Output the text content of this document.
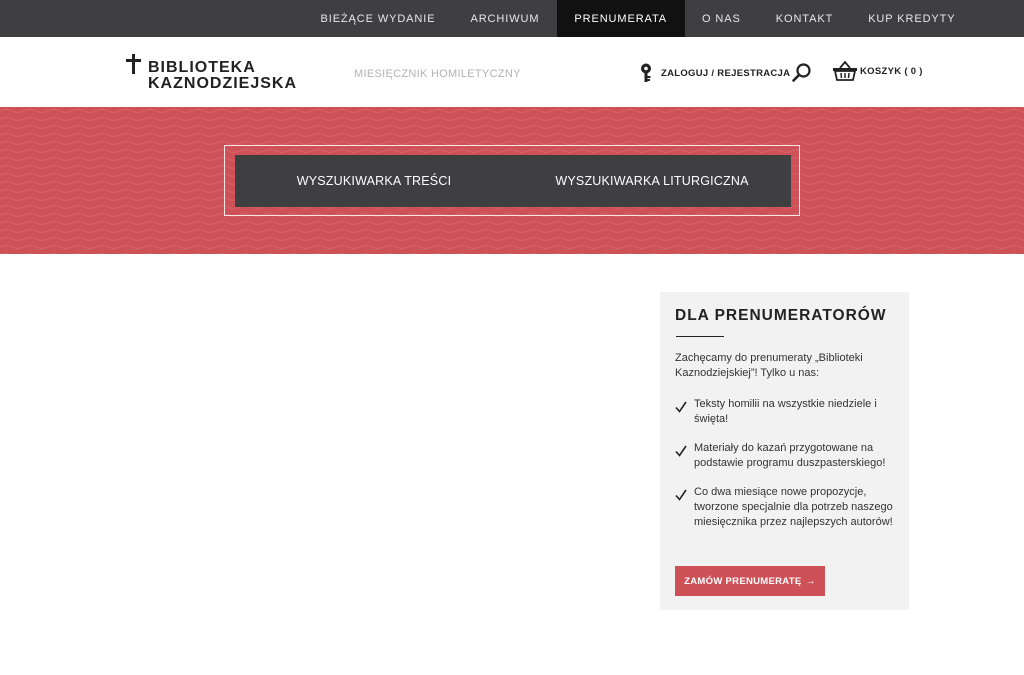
BIEŻĄCE WYDANIE	ARCHIWUM	PRENUMERATA	O NAS	KONTAKT	KUP KREDYTY
BIBLIOTEKA
KAZNODZIEJSKA
MIESIĘCZNIK HOMILETYCZNY	ZALOGUJ / REJESTRACJA	KOSZYK ( 0 )
WYSZUKIWARKA TREŚCI	WYSZUKIWARKA LITURGICZNA
DLA PRENUMERATORÓW

Zachęcamy do prenumeraty „Biblioteki Kaznodziejskiej”! Tylko u nas:

Teksty homilii na wszystkie niedziele i święta!
Materiały do kazań przygotowane na podstawie programu duszpasterskiego!
Co dwa miesiące nowe propozycje, tworzone specjalnie dla potrzeb naszego miesięcznika przez najlepszych autorów!
ZAMÓW PRENUMERATĘ →
